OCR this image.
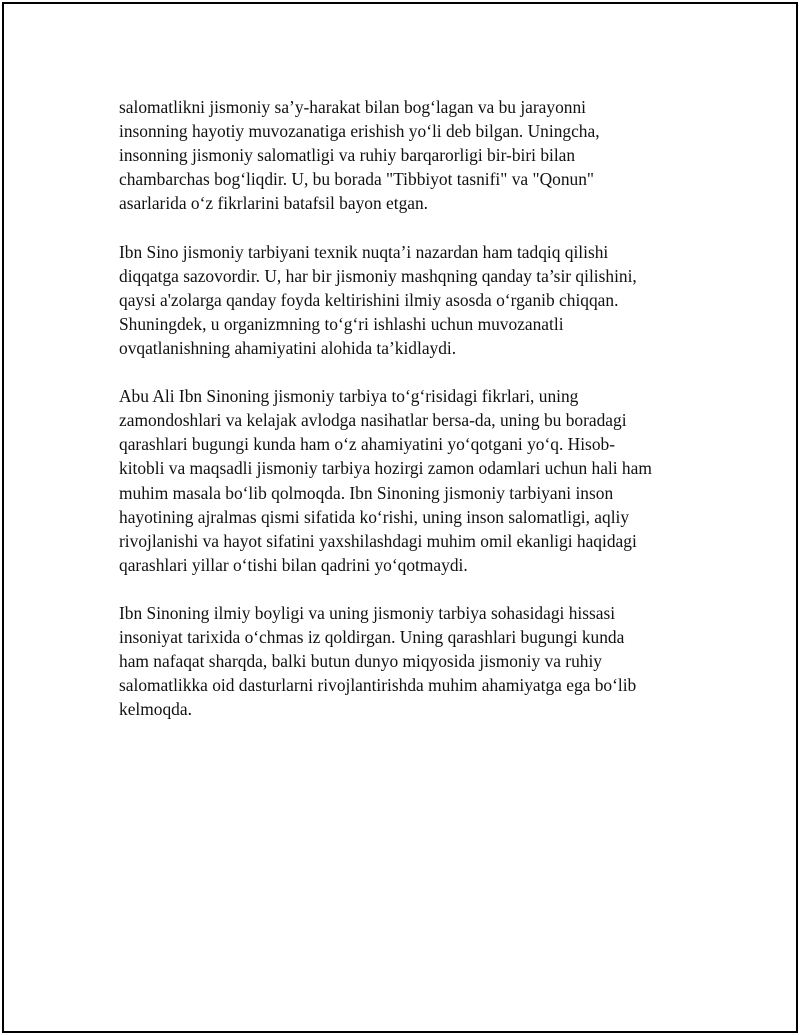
salomatlikni jismoniy sa’y-harakat bilan bog‘lagan va bu jarayonni
insonning hayotiy muvozanatiga erishish yo‘li deb bilgan. Uningcha,
insonning jismoniy salomatligi va ruhiy barqarorligi bir-biri bilan
chambarchas bog‘liqdir. U, bu borada "Tibbiyot tasnifi" va "Qonun"
asarlarida o‘z fikrlarini batafsil bayon etgan.

Ibn Sino jismoniy tarbiyani texnik nuqta’i nazardan ham tadqiq qilishi
diqqatga sazovordir. U, har bir jismoniy mashqning qanday ta’sir qilishini,
qaysi a'zolarga qanday foyda keltirishini ilmiy asosda o‘rganib chiqqan.
Shuningdek, u organizmning to‘g‘ri ishlashi uchun muvozanatli
ovqatlanishning ahamiyatini alohida ta’kidlaydi.

Abu Ali Ibn Sinoning jismoniy tarbiya to‘g‘risidagi fikrlari, uning
zamondoshlari va kelajak avlodga nasihatlar bersa-da, uning bu boradagi
qarashlari bugungi kunda ham o‘z ahamiyatini yo‘qotgani yo‘q. Hisob-
kitobli va maqsadli jismoniy tarbiya hozirgi zamon odamlari uchun hali ham
muhim masala bo‘lib qolmoqda. Ibn Sinoning jismoniy tarbiyani inson
hayotining ajralmas qismi sifatida ko‘rishi, uning inson salomatligi, aqliy
rivojlanishi va hayot sifatini yaxshilashdagi muhim omil ekanligi haqidagi
qarashlari yillar o‘tishi bilan qadrini yo‘qotmaydi.

Ibn Sinoning ilmiy boyligi va uning jismoniy tarbiya sohasidagi hissasi
insoniyat tarixida o‘chmas iz qoldirgan. Uning qarashlari bugungi kunda
ham nafaqat sharqda, balki butun dunyo miqyosida jismoniy va ruhiy
salomatlikka oid dasturlarni rivojlantirishda muhim ahamiyatga ega bo‘lib
kelmoqda.
